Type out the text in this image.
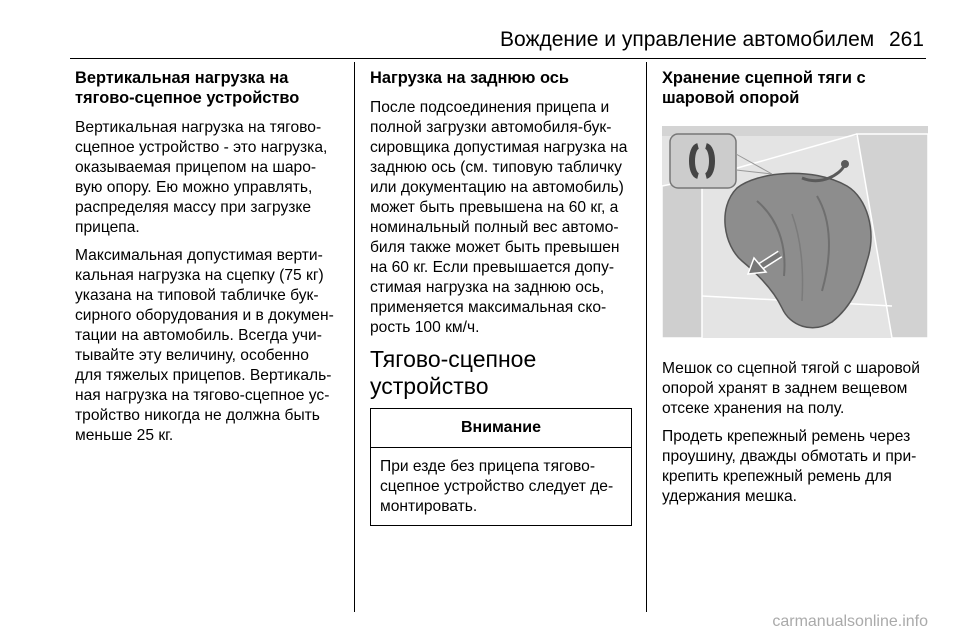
Вождение и управление автомобилем 261
Вертикальная нагрузка на
тягово-сцепное устройство

Вертикальная нагрузка на тягово-
сцепное устройство - это нагрузка,
оказываемая прицепом на шаро-
вую опору. Ею можно управлять,
распределяя массу при загрузке
прицепа.

Максимальная допустимая верти-
кальная нагрузка на сцепку (75 кг)
указана на типовой табличке бук-
сирного оборудования и в докумен-
тации на автомобиль. Всегда учи-
тывайте эту величину, особенно
для тяжелых прицепов. Вертикаль-
ная нагрузка на тягово-сцепное ус-
тройство никогда не должна быть
меньше 25 кг.

Нагрузка на заднюю ось

После подсоединения прицепа и
полной загрузки автомобиля-бук-
сировщика допустимая нагрузка на
заднюю ось (см. типовую табличку
или документацию на автомобиль)
может быть превышена на 60 кг, а
номинальный полный вес автомо-
биля также может быть превышен
на 60 кг. Если превышается допу-
стимая нагрузка на заднюю ось,
применяется максимальная ско-
рость 100 км/ч.

Тягово-сцепное
устройство
Внимание

При езде без прицепа тягово-
сцепное устройство следует де-
монтировать.

Хранение сцепной тяги с
шаровой опорой

Мешок со сцепной тягой с шаровой
опорой хранят в заднем вещевом
отсеке хранения на полу.

Продеть крепежный ремень через
проушину, дважды обмотать и при-
крепить крепежный ремень для
удержания мешка.

carmanualsonline.info
